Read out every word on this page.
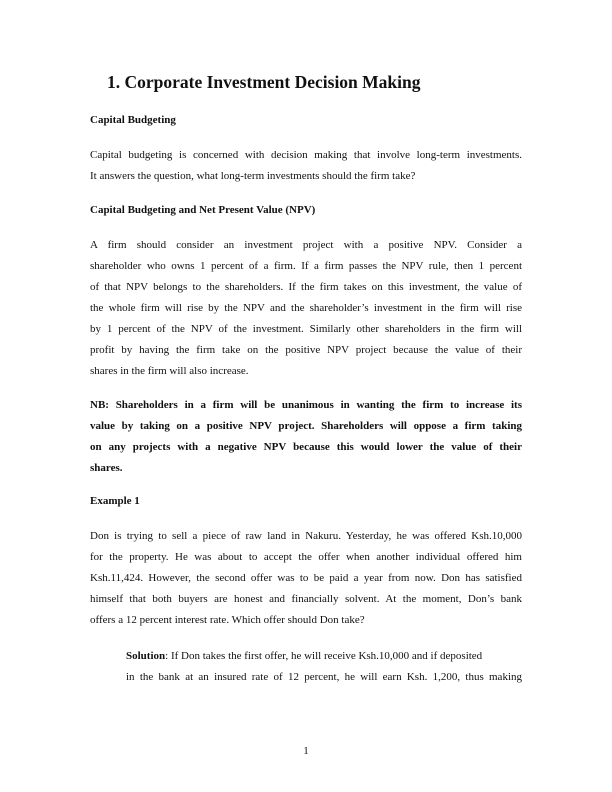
1. Corporate Investment Decision Making
Capital Budgeting
Capital budgeting is concerned with decision making that involve long-term investments.
It answers the question, what long-term investments should the firm take?
Capital Budgeting and Net Present Value (NPV)
A firm should consider an investment project with a positive NPV. Consider a
shareholder who owns 1 percent of a firm. If a firm passes the NPV rule, then 1 percent
of that NPV belongs to the shareholders. If the firm takes on this investment, the value of
the whole firm will rise by the NPV and the shareholder’s investment in the firm will rise
by 1 percent of the NPV of the investment. Similarly other shareholders in the firm will
profit by having the firm take on the positive NPV project because the value of their
shares in the firm will also increase.
NB: Shareholders in a firm will be unanimous in wanting the firm to increase its
value by taking on a positive NPV project. Shareholders will oppose a firm taking
on any projects with a negative NPV because this would lower the value of their
shares.
Example 1
Don is trying to sell a piece of raw land in Nakuru. Yesterday, he was offered Ksh.10,000
for the property. He was about to accept the offer when another individual offered him
Ksh.11,424. However, the second offer was to be paid a year from now. Don has satisfied
himself that both buyers are honest and financially solvent. At the moment, Don’s bank
offers a 12 percent interest rate. Which offer should Don take?
Solution: If Don takes the first offer, he will receive Ksh.10,000 and if deposited
in the bank at an insured rate of 12 percent, he will earn Ksh. 1,200, thus making
1
